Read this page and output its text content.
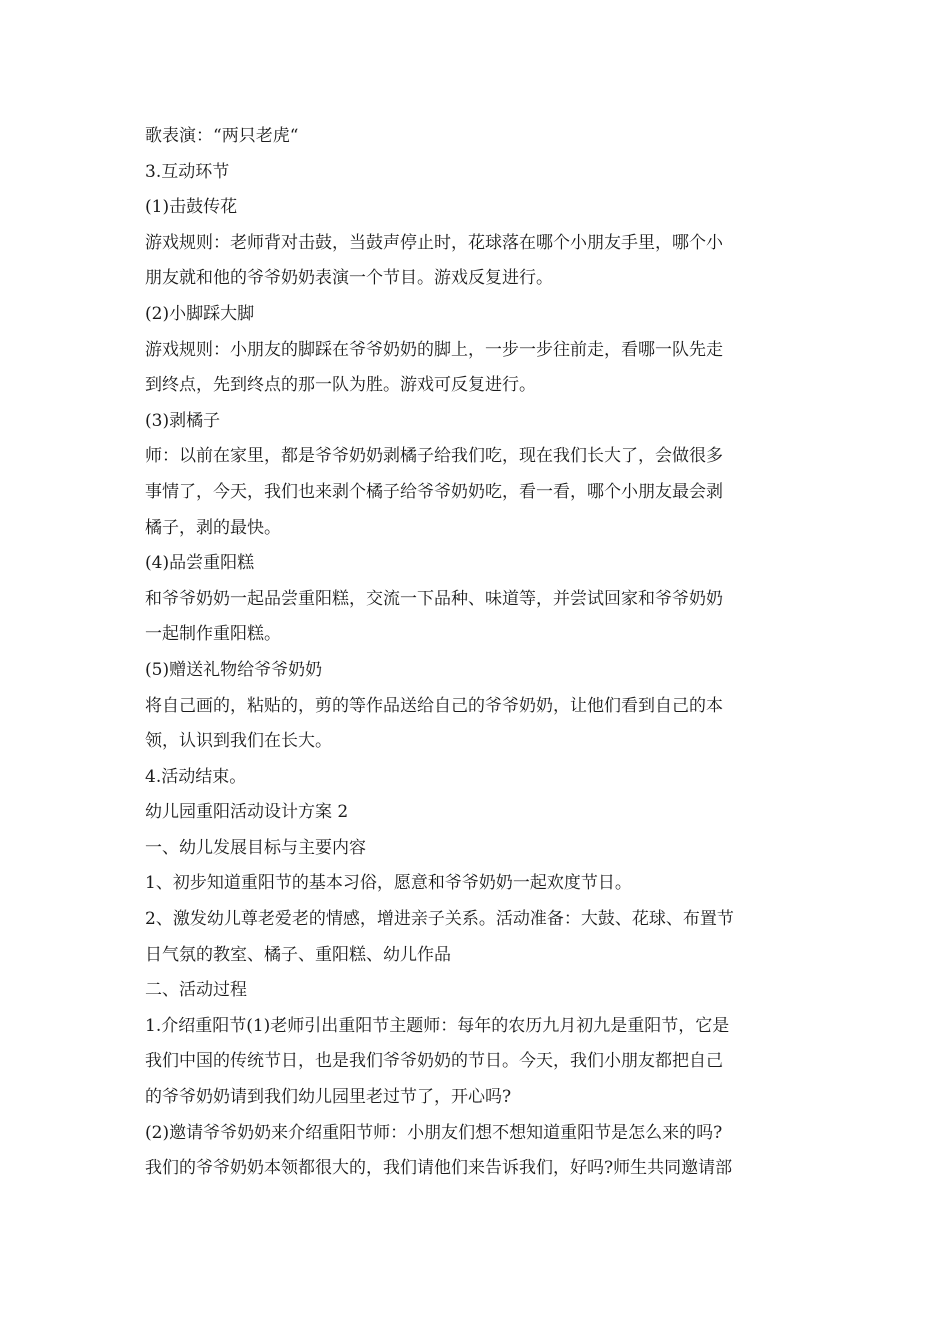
歌表演：“两只老虎“
3.互动环节
(1)击鼓传花
游戏规则：老师背对击鼓，当鼓声停止时，花球落在哪个小朋友手里，哪个小
朋友就和他的爷爷奶奶表演一个节目。游戏反复进行。
(2)小脚踩大脚
游戏规则：小朋友的脚踩在爷爷奶奶的脚上，一步一步往前走，看哪一队先走
到终点，先到终点的那一队为胜。游戏可反复进行。
(3)剥橘子
师：以前在家里，都是爷爷奶奶剥橘子给我们吃，现在我们长大了，会做很多
事情了，今天，我们也来剥个橘子给爷爷奶奶吃，看一看，哪个小朋友最会剥
橘子，剥的最快。
(4)品尝重阳糕
和爷爷奶奶一起品尝重阳糕，交流一下品种、味道等，并尝试回家和爷爷奶奶
一起制作重阳糕。
(5)赠送礼物给爷爷奶奶
将自己画的，粘贴的，剪的等作品送给自己的爷爷奶奶，让他们看到自己的本
领，认识到我们在长大。
4.活动结束。
幼儿园重阳活动设计方案 2
一、幼儿发展目标与主要内容
1、初步知道重阳节的基本习俗，愿意和爷爷奶奶一起欢度节日。
2、激发幼儿尊老爱老的情感，增进亲子关系。活动准备：大鼓、花球、布置节
日气氛的教室、橘子、重阳糕、幼儿作品
二、活动过程
1.介绍重阳节(1)老师引出重阳节主题师：每年的农历九月初九是重阳节，它是
我们中国的传统节日，也是我们爷爷奶奶的节日。今天，我们小朋友都把自己
的爷爷奶奶请到我们幼儿园里老过节了，开心吗?
(2)邀请爷爷奶奶来介绍重阳节师：小朋友们想不想知道重阳节是怎么来的吗?
我们的爷爷奶奶本领都很大的，我们请他们来告诉我们，好吗?师生共同邀请部
